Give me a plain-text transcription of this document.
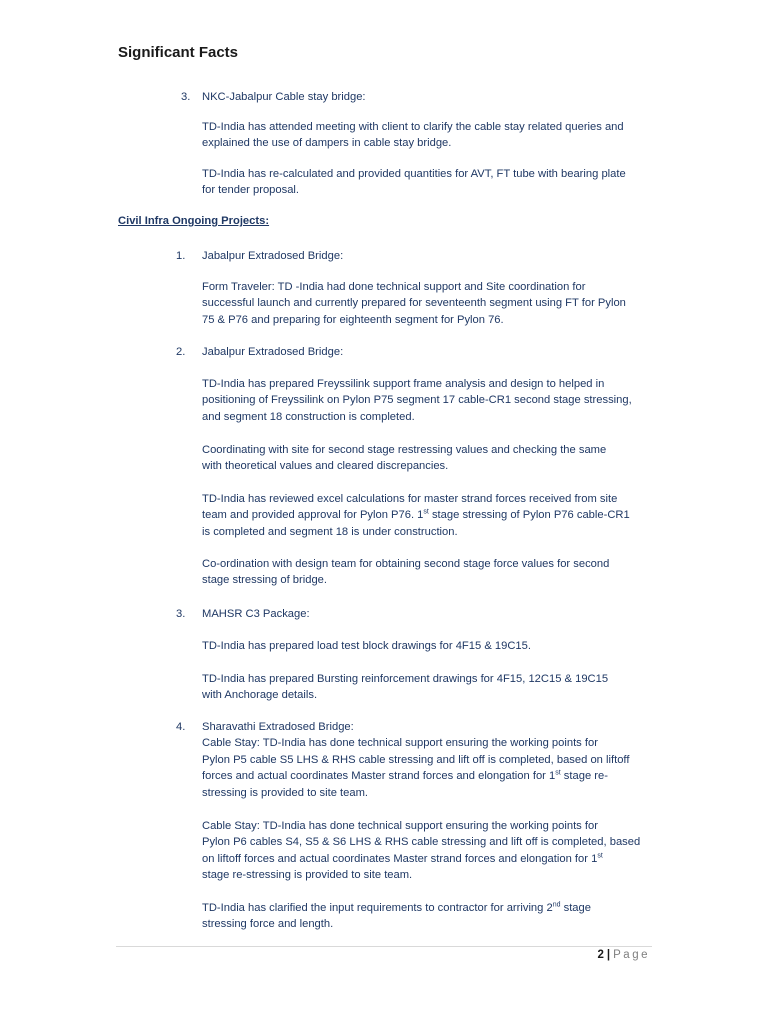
Significant Facts
3. NKC-Jabalpur Cable stay bridge:
TD-India has attended meeting with client to clarify the cable stay related queries and
explained the use of dampers in cable stay bridge.
TD-India has re-calculated and provided quantities for AVT, FT tube with bearing plate
for tender proposal.
Civil Infra Ongoing Projects:
1. Jabalpur Extradosed Bridge:
Form Traveler: TD -India had done technical support and Site coordination for
successful launch and currently prepared for seventeenth segment using FT for Pylon
75 & P76 and preparing for eighteenth segment for Pylon 76.
2. Jabalpur Extradosed Bridge:
TD-India has prepared Freyssilink support frame analysis and design to helped in
positioning of Freyssilink on Pylon P75 segment 17 cable-CR1 second stage stressing,
and segment 18 construction is completed.
Coordinating with site for second stage restressing values and checking the same
with theoretical values and cleared discrepancies.
TD-India has reviewed excel calculations for master strand forces received from site
team and provided approval for Pylon P76. 1st stage stressing of Pylon P76 cable-CR1
is completed and segment 18 is under construction.
Co-ordination with design team for obtaining second stage force values for second
stage stressing of bridge.
3. MAHSR C3 Package:
TD-India has prepared load test block drawings for 4F15 & 19C15.
TD-India has prepared Bursting reinforcement drawings for 4F15, 12C15 & 19C15
with Anchorage details.
4. Sharavathi Extradosed Bridge:
Cable Stay: TD-India has done technical support ensuring the working points for
Pylon P5 cable S5 LHS & RHS cable stressing and lift off is completed, based on liftoff
forces and actual coordinates Master strand forces and elongation for 1st stage re-
stressing is provided to site team.
Cable Stay: TD-India has done technical support ensuring the working points for
Pylon P6 cables S4, S5 & S6 LHS & RHS cable stressing and lift off is completed, based
on liftoff forces and actual coordinates Master strand forces and elongation for 1st
stage re-stressing is provided to site team.
TD-India has clarified the input requirements to contractor for arriving 2nd stage
stressing force and length.
2 | Page
